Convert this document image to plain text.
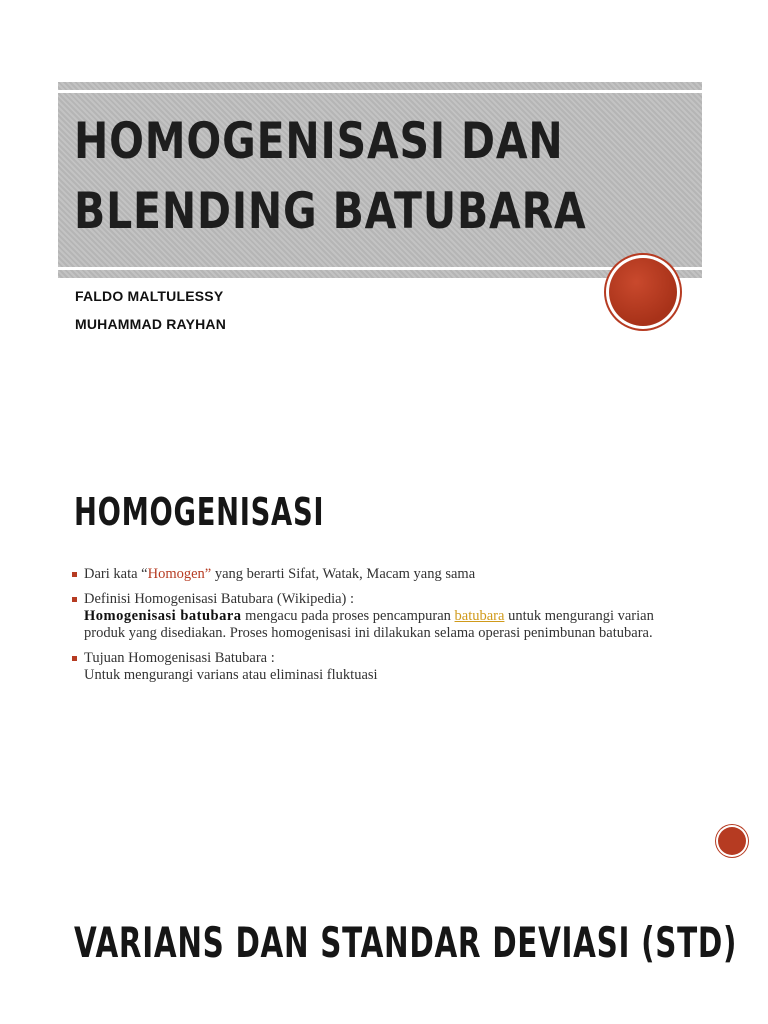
HOMOGENISASI DAN
BLENDING BATUBARA
FALDO MALTULESSY
MUHAMMAD RAYHAN
HOMOGENISASI
Dari kata “Homogen” yang berarti Sifat, Watak, Macam yang sama
Definisi Homogenisasi Batubara (Wikipedia) :
Homogenisasi batubara mengacu pada proses pencampuran batubara untuk mengurangi varian produk yang disediakan. Proses homogenisasi ini dilakukan selama operasi penimbunan batubara.
Tujuan Homogenisasi Batubara :
Untuk mengurangi varians atau eliminasi fluktuasi
VARIANS DAN STANDAR DEVIASI (STD)
